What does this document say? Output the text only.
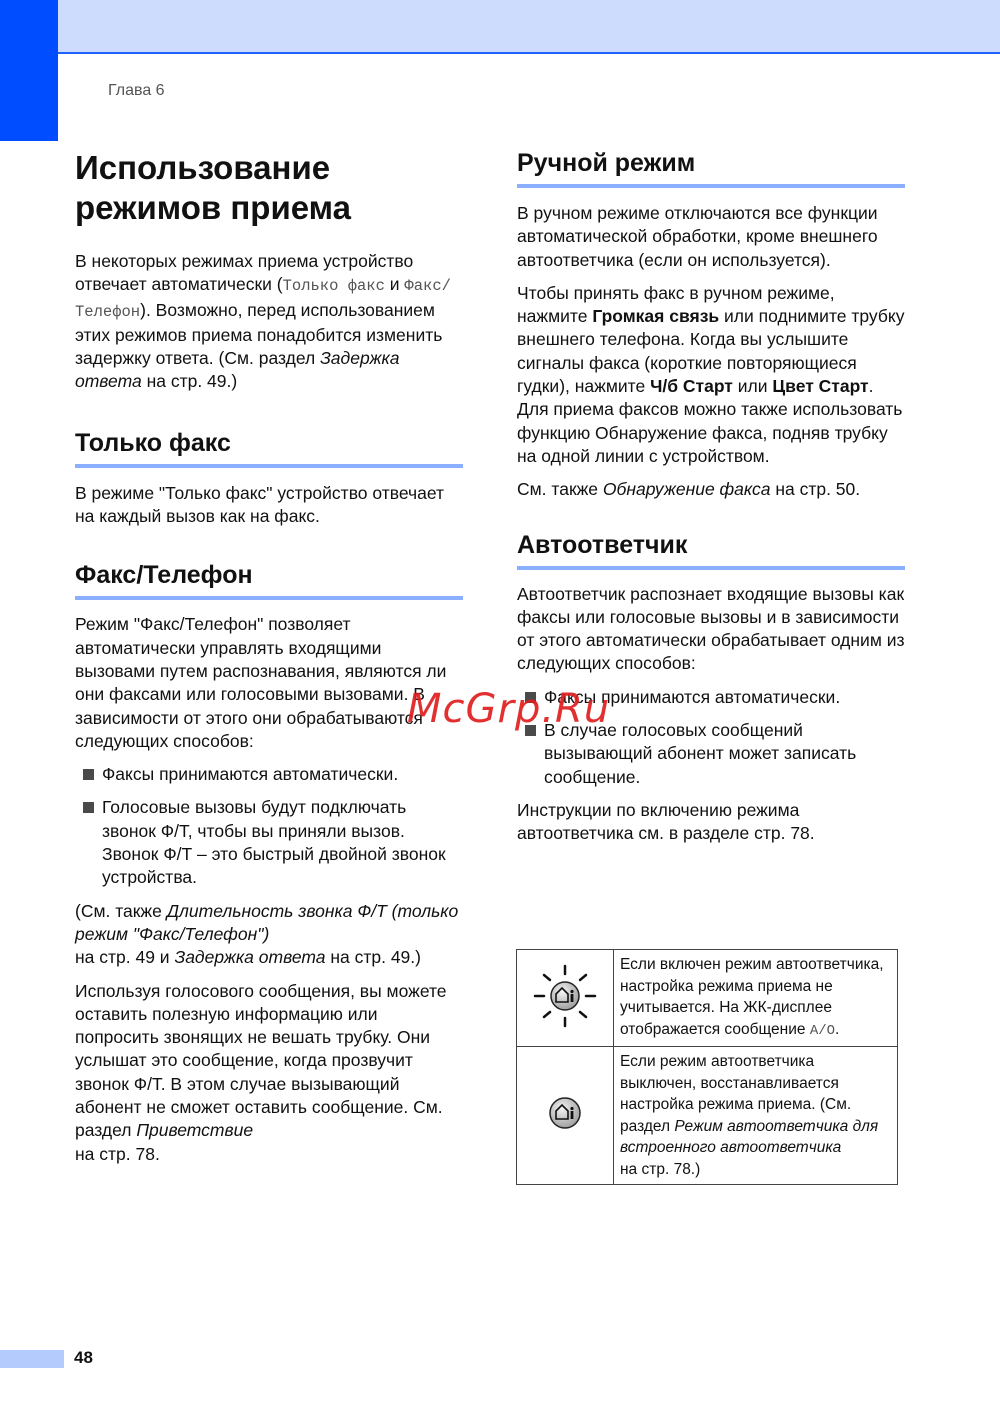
Глава 6
Использование
режимов приема

В некоторых режимах приема устройство отвечает автоматически (Только факс и Факс/Телефон). Возможно, перед использованием этих режимов приема понадобится изменить задержку ответа. (См. раздел Задержка ответа на стр. 49.)

Только факс

В режиме "Только факс" устройство отвечает на каждый вызов как на факс.

Факс/Телефон

Режим "Факс/Телефон" позволяет автоматически управлять входящими вызовами путем распознавания, являются ли они факсами или голосовыми вызовами. В зависимости от этого они обрабатываются следующих способов:

Факсы принимаются автоматически.
Голосовые вызовы будут подключать звонок Ф/Т, чтобы вы приняли вызов. Звонок Ф/Т – это быстрый двойной звонок устройства.

(См. также Длительность звонка Ф/Т (только режим "Факс/Телефон")
на стр. 49 и Задержка ответа на стр. 49.)

Используя голосового сообщения, вы можете оставить полезную информацию или попросить звонящих не вешать трубку. Они услышат это сообщение, когда прозвучит звонок Ф/Т. В этом случае вызывающий абонент не сможет оставить сообщение. См. раздел Приветствие
на стр. 78.

Ручной режим

В ручном режиме отключаются все функции автоматической обработки, кроме внешнего автоответчика (если он используется).

Чтобы принять факс в ручном режиме, нажмите Громкая связь или поднимите трубку внешнего телефона. Когда вы услышите сигналы факса (короткие повторяющиеся гудки), нажмите Ч/б Старт или Цвет Старт. Для приема факсов можно также использовать функцию Обнаружение факса, подняв трубку на одной линии с устройством.

См. также Обнаружение факса на стр. 50.

Автоответчик

Автоответчик распознает входящие вызовы как факсы или голосовые вызовы и в зависимости от этого автоматически обрабатывает одним из следующих способов:

Факсы принимаются автоматически.
В случае голосовых сообщений вызывающий абонент может записать сообщение.

Инструкции по включению режима автоответчика см. в разделе стр. 78.

	Если включен режим автоответчика, настройка режима приема не учитывается. На ЖК-дисплее отображается сообщение A/O.
	Если режим автоответчика выключен, восстанавливается настройка режима приема. (См. раздел Режим автоответчика для встроенного автоответчика
на стр. 78.)
McGrp.Ru
48
